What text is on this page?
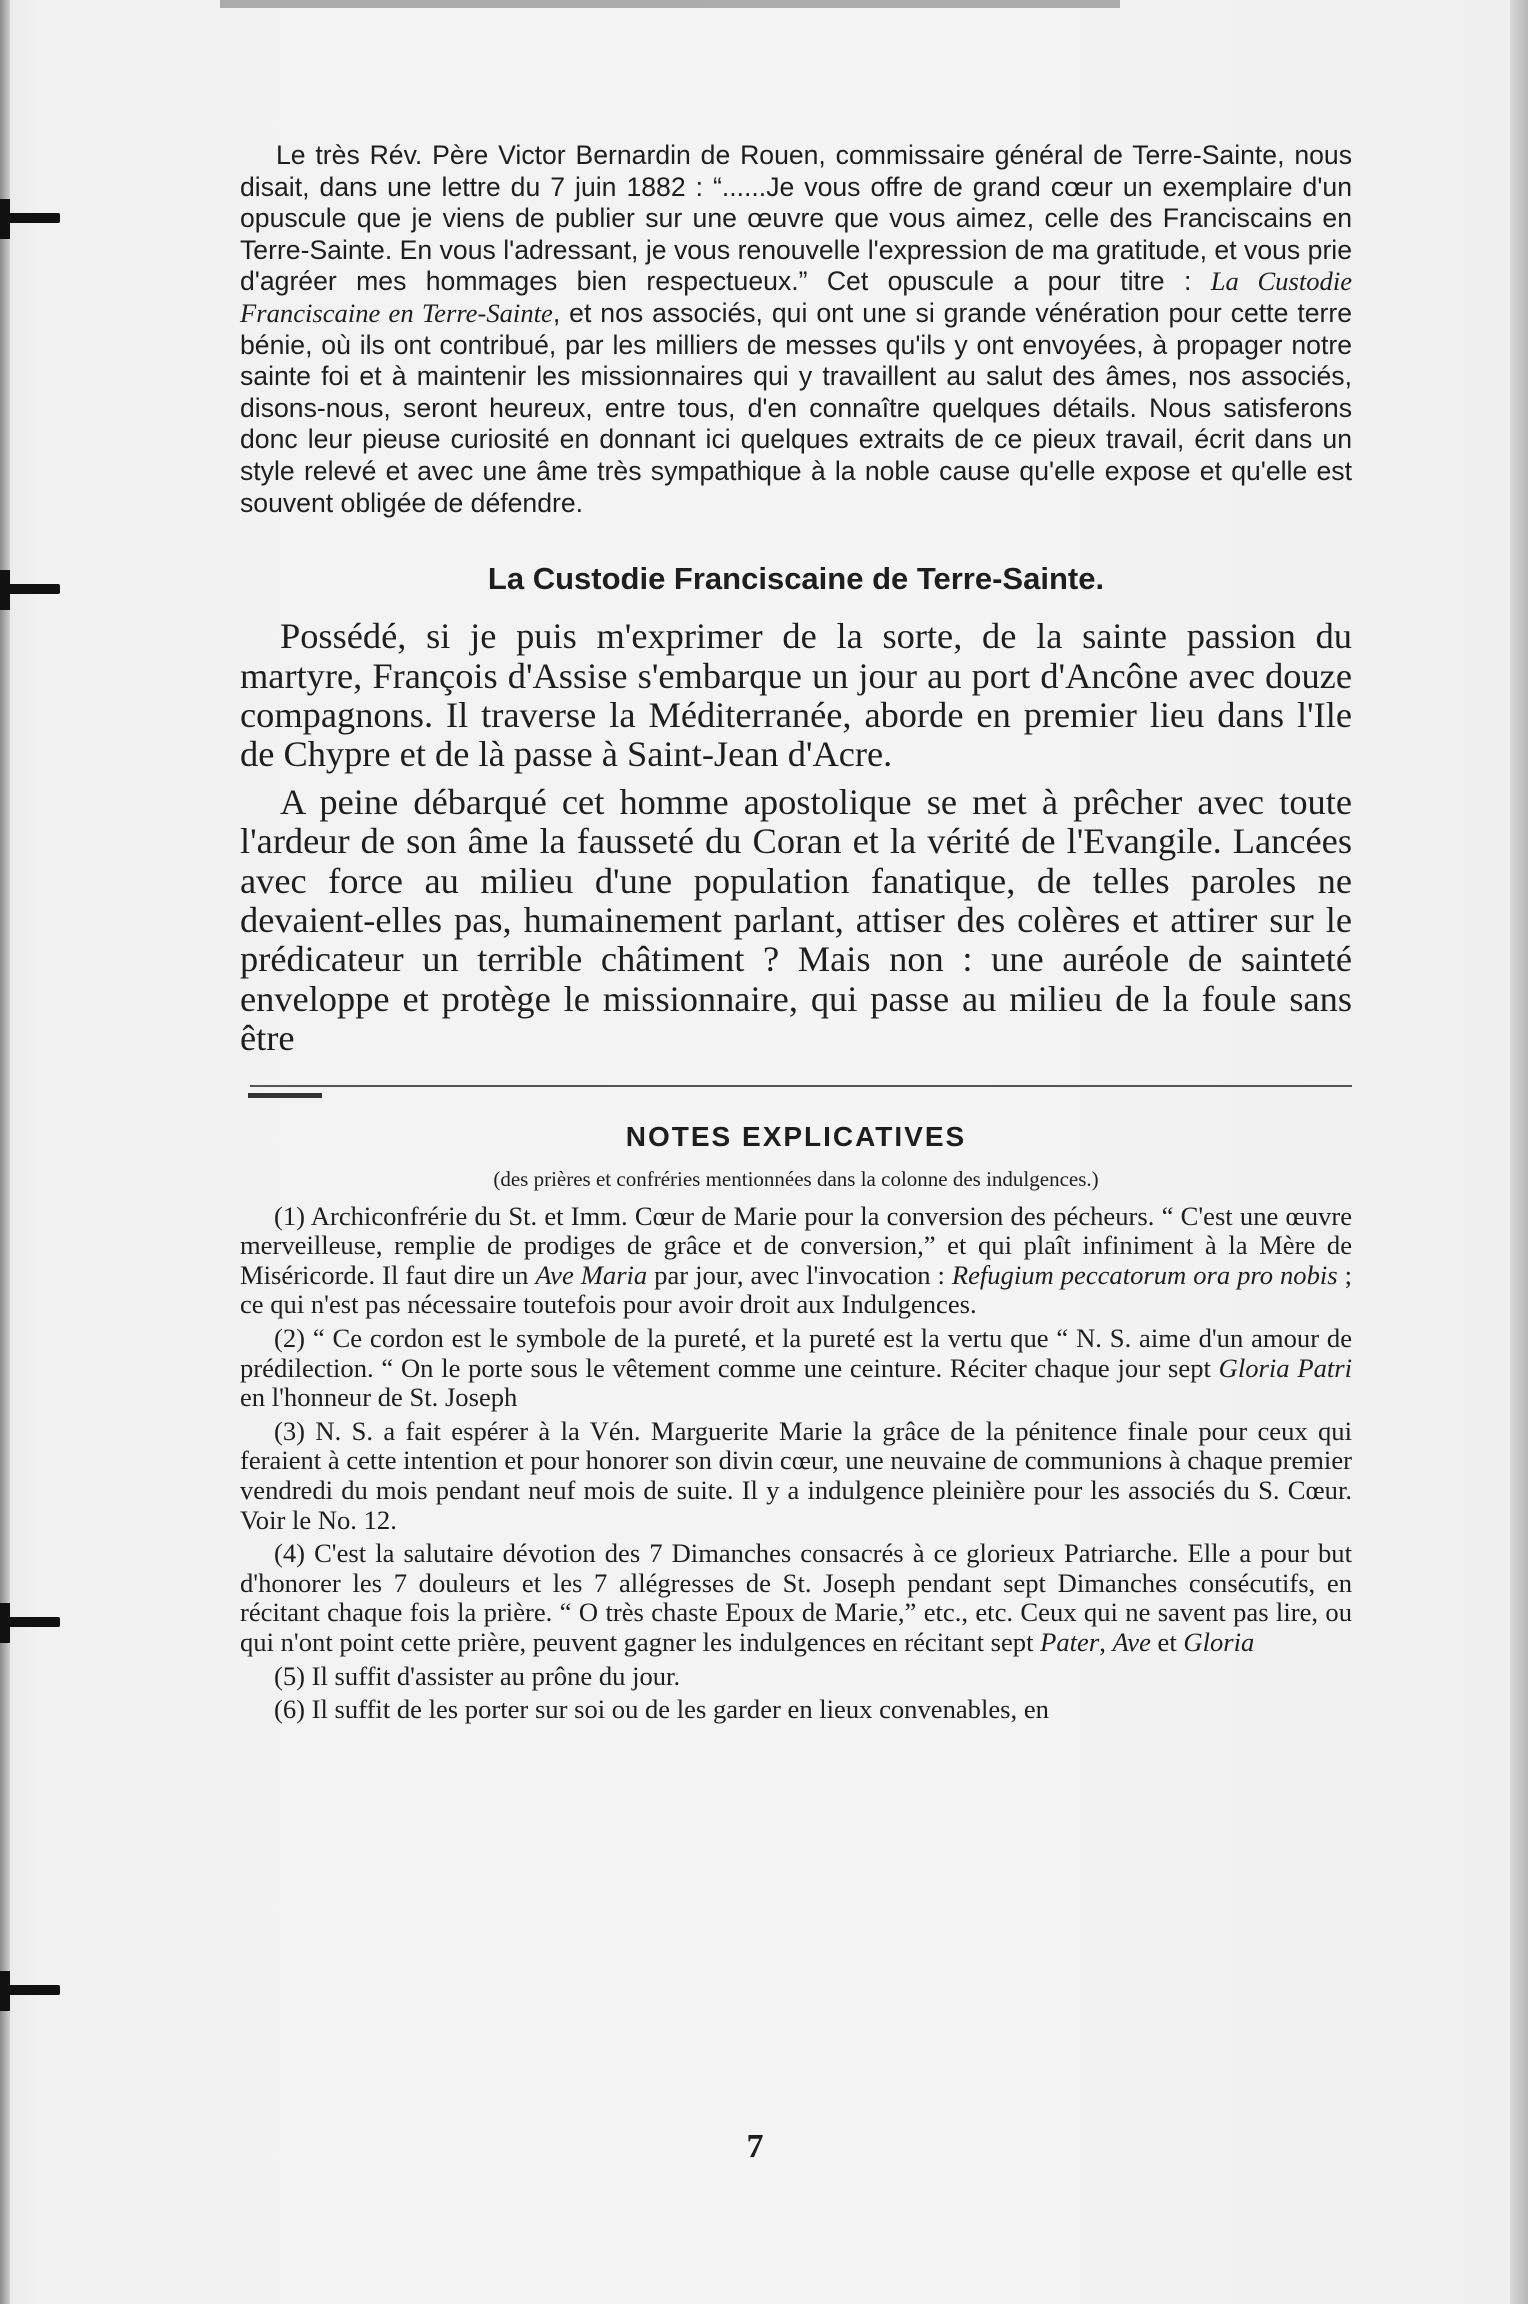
Le très Rév. Père Victor Bernardin de Rouen, commissaire général de Terre-Sainte, nous disait, dans une lettre du 7 juin 1882 : “......Je vous offre de grand cœur un exemplaire d'un opuscule que je viens de publier sur une œuvre que vous aimez, celle des Franciscains en Terre-Sainte. En vous l'adressant, je vous renouvelle l'expression de ma gratitude, et vous prie d'agréer mes hommages bien respectueux.” Cet opuscule a pour titre : La Custodie Franciscaine en Terre-Sainte, et nos associés, qui ont une si grande vénération pour cette terre bénie, où ils ont contribué, par les milliers de messes qu'ils y ont envoyées, à propager notre sainte foi et à maintenir les missionnaires qui y travaillent au salut des âmes, nos associés, disons-nous, seront heureux, entre tous, d'en connaître quelques détails. Nous satisferons donc leur pieuse curiosité en donnant ici quelques extraits de ce pieux travail, écrit dans un style relevé et avec une âme très sympathique à la noble cause qu'elle expose et qu'elle est souvent obligée de défendre.

La Custodie Franciscaine de Terre-Sainte.

Possédé, si je puis m'exprimer de la sorte, de la sainte passion du martyre, François d'Assise s'embarque un jour au port d'Ancône avec douze compagnons. Il traverse la Méditerranée, aborde en premier lieu dans l'Ile de Chypre et de là passe à Saint-Jean d'Acre.

A peine débarqué cet homme apostolique se met à prêcher avec toute l'ardeur de son âme la fausseté du Coran et la vérité de l'Evangile. Lancées avec force au milieu d'une population fanatique, de telles paroles ne devaient-elles pas, humainement parlant, attiser des colères et attirer sur le prédicateur un terrible châtiment ? Mais non : une auréole de sainteté enveloppe et protège le missionnaire, qui passe au milieu de la foule sans être

NOTES EXPLICATIVES
(des prières et confréries mentionnées dans la colonne des indulgences.)

(1) Archiconfrérie du St. et Imm. Cœur de Marie pour la conversion des pécheurs. “ C'est une œuvre merveilleuse, remplie de prodiges de grâce et de conversion,” et qui plaît infiniment à la Mère de Miséricorde. Il faut dire un Ave Maria par jour, avec l'invocation : Refugium peccatorum ora pro nobis ; ce qui n'est pas nécessaire toutefois pour avoir droit aux Indulgences.

(2) “ Ce cordon est le symbole de la pureté, et la pureté est la vertu que “ N. S. aime d'un amour de prédilection. “ On le porte sous le vêtement comme une ceinture. Réciter chaque jour sept Gloria Patri en l'honneur de St. Joseph

(3) N. S. a fait espérer à la Vén. Marguerite Marie la grâce de la pénitence finale pour ceux qui feraient à cette intention et pour honorer son divin cœur, une neuvaine de communions à chaque premier vendredi du mois pendant neuf mois de suite. Il y a indulgence pleinière pour les associés du S. Cœur. Voir le No. 12.

(4) C'est la salutaire dévotion des 7 Dimanches consacrés à ce glorieux Patriarche. Elle a pour but d'honorer les 7 douleurs et les 7 allégresses de St. Joseph pendant sept Dimanches consécutifs, en récitant chaque fois la prière. “ O très chaste Epoux de Marie,” etc., etc. Ceux qui ne savent pas lire, ou qui n'ont point cette prière, peuvent gagner les indulgences en récitant sept Pater, Ave et Gloria

(5) Il suffit d'assister au prône du jour.

(6) Il suffit de les porter sur soi ou de les garder en lieux convenables, en

7
